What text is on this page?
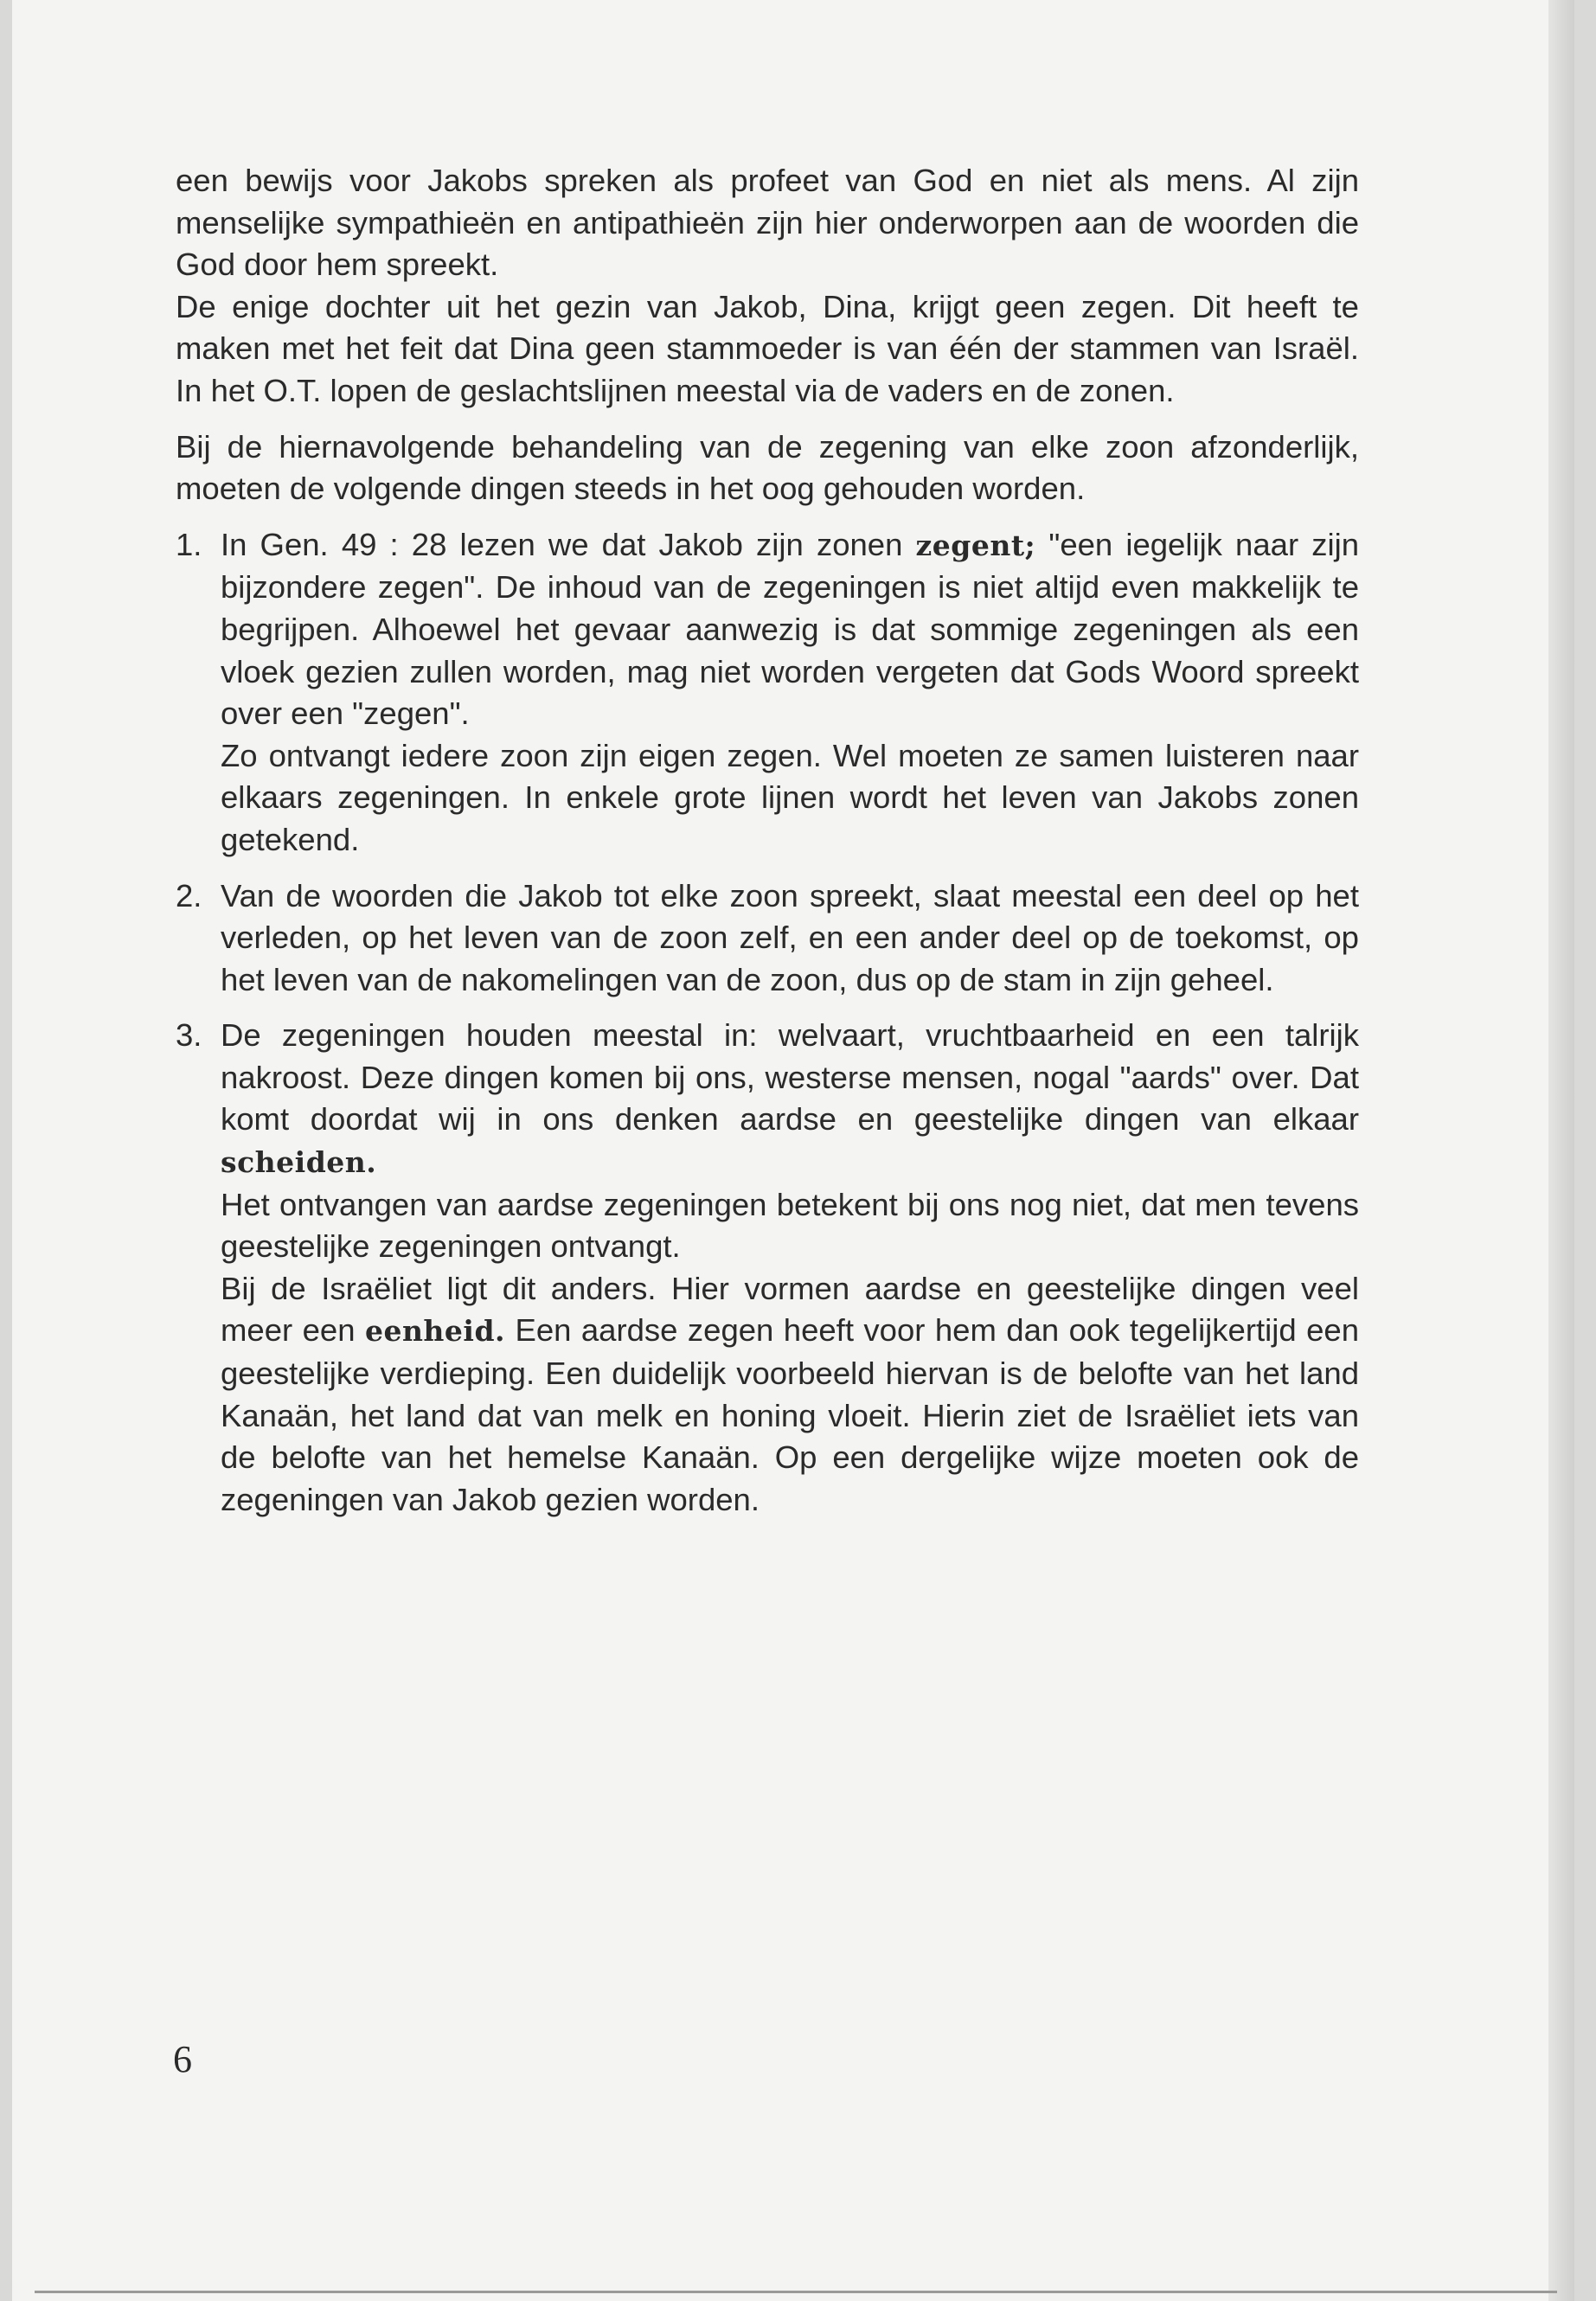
een bewijs voor Jakobs spreken als profeet van God en niet als mens. Al zijn menselijke sympathieën en antipathieën zijn hier onderworpen aan de woorden die God door hem spreekt.

De enige dochter uit het gezin van Jakob, Dina, krijgt geen zegen. Dit heeft te maken met het feit dat Dina geen stammoeder is van één der stammen van Israël. In het O.T. lopen de geslachtslijnen meestal via de vaders en de zonen.

Bij de hiernavolgende behandeling van de zegening van elke zoon afzonderlijk, moeten de volgende dingen steeds in het oog gehouden worden.

1. In Gen. 49 : 28 lezen we dat Jakob zijn zonen zegent; "een iegelijk naar zijn bijzondere zegen". De inhoud van de zegeningen is niet altijd even makkelijk te begrijpen. Alhoewel het gevaar aanwezig is dat sommige zegeningen als een vloek gezien zullen worden, mag niet worden vergeten dat Gods Woord spreekt over een "zegen".

Zo ontvangt iedere zoon zijn eigen zegen. Wel moeten ze samen luisteren naar elkaars zegeningen. In enkele grote lijnen wordt het leven van Jakobs zonen getekend.

2. Van de woorden die Jakob tot elke zoon spreekt, slaat meestal een deel op het verleden, op het leven van de zoon zelf, en een ander deel op de toekomst, op het leven van de nakomelingen van de zoon, dus op de stam in zijn geheel.

3. De zegeningen houden meestal in: welvaart, vruchtbaarheid en een talrijk nakroost. Deze dingen komen bij ons, westerse mensen, nogal "aards" over. Dat komt doordat wij in ons denken aardse en geestelijke dingen van elkaar scheiden.

Het ontvangen van aardse zegeningen betekent bij ons nog niet, dat men tevens geestelijke zegeningen ontvangt.

Bij de Israëliet ligt dit anders. Hier vormen aardse en geestelijke dingen veel meer een eenheid. Een aardse zegen heeft voor hem dan ook tegelijkertijd een geestelijke verdieping. Een duidelijk voorbeeld hiervan is de belofte van het land Kanaän, het land dat van melk en honing vloeit. Hierin ziet de Israëliet iets van de belofte van het hemelse Kanaän. Op een dergelijke wijze moeten ook de zegeningen van Jakob gezien worden.

6
